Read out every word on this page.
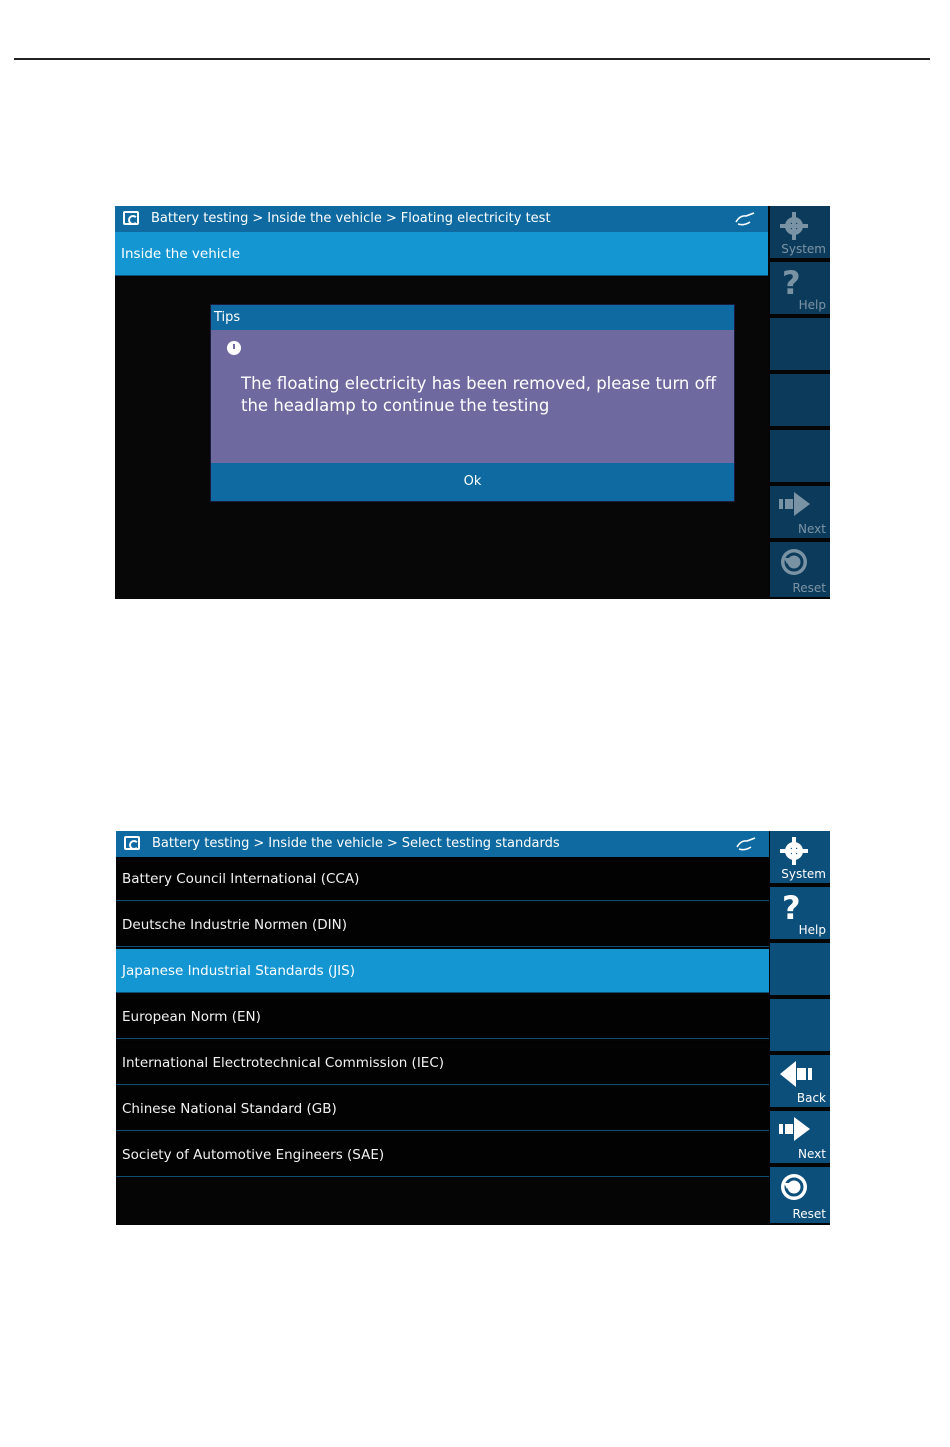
Battery testing > Inside the vehicle > Floating electricity test
Inside the vehicle	System
?
Help
Next
Reset
Tips
The floating electricity has been removed, please turn off the headlamp to continue the testing
Ok
Battery testing > Inside the vehicle > Select testing standards
Battery Council International (CCA)
Deutsche Industrie Normen (DIN)
Japanese Industrial Standards (JIS)
European Norm (EN)
International Electrotechnical Commission (IEC)
Chinese National Standard (GB)
Society of Automotive Engineers (SAE)
System
?
Help
Back
Next
Reset
